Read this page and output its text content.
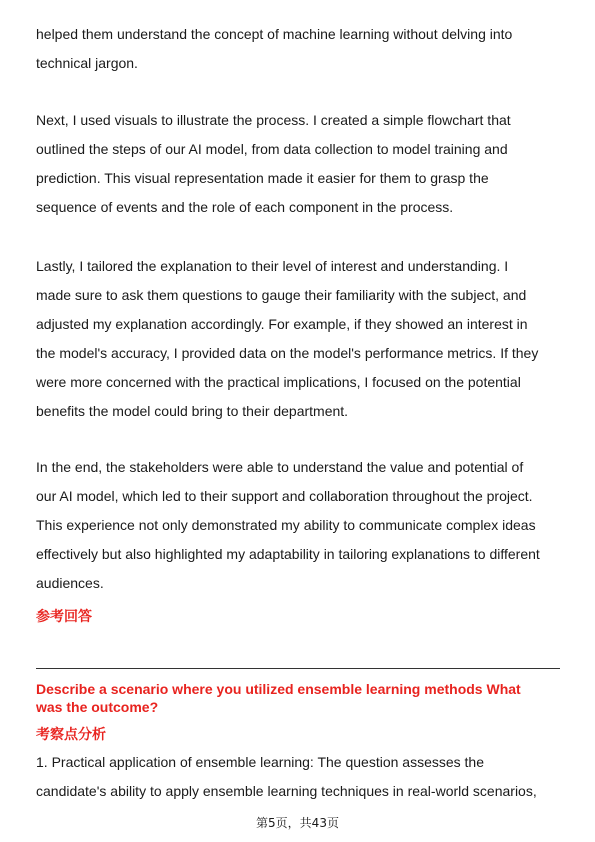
helped them understand the concept of machine learning without delving into
technical jargon.

Next, I used visuals to illustrate the process. I created a simple flowchart that
outlined the steps of our AI model, from data collection to model training and
prediction. This visual representation made it easier for them to grasp the
sequence of events and the role of each component in the process.

Lastly, I tailored the explanation to their level of interest and understanding. I
made sure to ask them questions to gauge their familiarity with the subject, and
adjusted my explanation accordingly. For example, if they showed an interest in
the model's accuracy, I provided data on the model's performance metrics. If they
were more concerned with the practical implications, I focused on the potential
benefits the model could bring to their department.

In the end, the stakeholders were able to understand the value and potential of
our AI model, which led to their support and collaboration throughout the project.
This experience not only demonstrated my ability to communicate complex ideas
effectively but also highlighted my adaptability in tailoring explanations to different
audiences.

参考回答
Describe a scenario where you utilized ensemble learning methods What
was the outcome?
考察点分析

1. Practical application of ensemble learning: The question assesses the
candidate's ability to apply ensemble learning techniques in real-world scenarios,

第5页，共43页
